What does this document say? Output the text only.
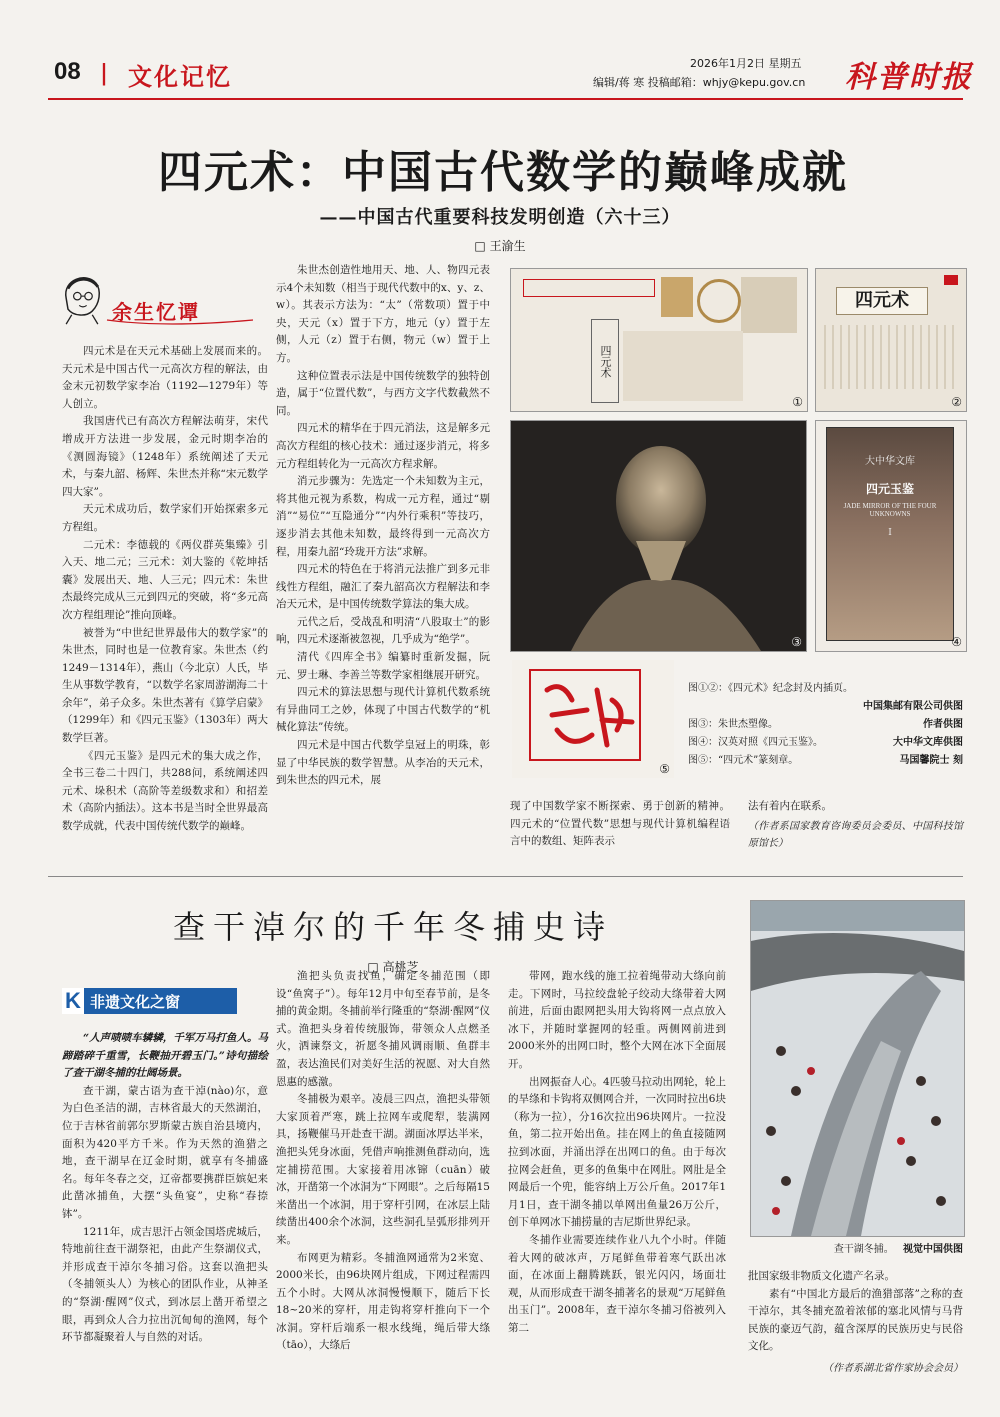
08 | 文化记忆	2026年1月2日 星期五
编辑/蒋 寒 投稿邮箱：whjy@kepu.gov.cn 科普时报
四元术：中国古代数学的巅峰成就
——中国古代重要科技发明创造（六十三）
□ 王渝生
余生忆谭

四元术是在天元术基础上发展而来的。天元术是中国古代一元高次方程的解法，由金末元初数学家李冶（1192—1279年）等人创立。

我国唐代已有高次方程解法萌芽，宋代增成开方法进一步发展，金元时期李冶的《测圆海镜》（1248年）系统阐述了天元术，与秦九韶、杨辉、朱世杰并称“宋元数学四大家”。

天元术成功后，数学家们开始探索多元方程组。

二元术：李德载的《两仪群英集臻》引入天、地二元；三元术：刘大鉴的《乾坤括囊》发展出天、地、人三元；四元术：朱世杰最终完成从三元到四元的突破，将“多元高次方程组理论”推向顶峰。

被誉为“中世纪世界最伟大的数学家”的朱世杰，同时也是一位教育家。朱世杰（约1249－1314年），燕山（今北京）人氏，毕生从事数学教育，“以数学名家周游湖海二十余年”，弟子众多。朱世杰著有《算学启蒙》（1299年）和《四元玉鉴》（1303年）两大数学巨著。

《四元玉鉴》是四元术的集大成之作，全书三卷二十四门，共288问，系统阐述四元术、垛积术（高阶等差级数求和）和招差术（高阶内插法）。这本书是当时全世界最高数学成就，代表中国传统代数学的巅峰。

朱世杰创造性地用天、地、人、物四元表示4个未知数（相当于现代代数中的x、y、z、w）。其表示方法为：“太”（常数项）置于中央，天元（x）置于下方，地元（y）置于左侧，人元（z）置于右侧，物元（w）置于上方。

这种位置表示法是中国传统数学的独特创造，属于“位置代数”，与西方文字代数截然不同。

四元术的精华在于四元消法，这是解多元高次方程组的核心技术：通过逐步消元，将多元方程组转化为一元高次方程求解。

消元步骤为：先选定一个未知数为主元，将其他元视为系数，构成一元方程，通过“剔消”“易位”“互隐通分”“内外行乘积”等技巧，逐步消去其他未知数，最终得到一元高次方程，用秦九韶“玲珑开方法”求解。

四元术的特色在于将消元法推广到多元非线性方程组，融汇了秦九韶高次方程解法和李冶天元术，是中国传统数学算法的集大成。

元代之后，受战乱和明清“八股取士”的影响，四元术逐渐被忽视，几乎成为“绝学”。

清代《四库全书》编纂时重新发掘，阮元、罗士琳、李善兰等数学家相继展开研究。

四元术的算法思想与现代计算机代数系统有异曲同工之妙，体现了中国古代数学的“机械化算法”传统。

四元术是中国古代数学皇冠上的明珠，彰显了中华民族的数学智慧。从李冶的天元术，到朱世杰的四元术，展

四元术
①
四元术
②
③
大中华文库
四元玉鉴
JADE MIRROR OF THE FOUR UNKNOWNS
I
④
⑤
图①②：《四元术》纪念封及内插页。
中国集邮有限公司供图
图③：朱世杰塑像。	作者供图
图④：汉英对照《四元玉鉴》。	大中华文库供图
图⑤：“四元术”篆刻章。	马国馨院士 刻
现了中国数学家不断探索、勇于创新的精神。四元术的“位置代数”思想与现代计算机编程语言中的数组、矩阵表示
法有着内在联系。
（作者系国家教育咨询委员会委员、中国科技馆原馆长）
查干淖尔的千年冬捕史诗
□ 高桃芝
K 非遗文化之窗

“人声啧啧车辚辚，千军万马打鱼人。马蹄踏碎千重雪，长鞭抽开碧玉门。”诗句描绘了查干湖冬捕的壮阔场景。

查干湖，蒙古语为查干淖(nào)尔，意为白色圣洁的湖，吉林省最大的天然湖泊，位于吉林省前郭尔罗斯蒙古族自治县境内，面积为420平方千米。作为天然的渔猎之地，查干湖早在辽金时期，就享有冬捕盛名。每年冬春之交，辽帝都要携群臣嫔妃来此凿冰捕鱼，大摆“头鱼宴”，史称“春捺钵”。

1211年，成吉思汗占领金国塔虎城后，特地前往查干湖祭祀，由此产生祭湖仪式，并形成查干淖尔冬捕习俗。这套以渔把头（冬捕领头人）为核心的团队作业，从神圣的“祭湖·醒网”仪式，到冰层上凿开希望之眼，再到众人合力拉出沉甸甸的渔网，每个环节都凝聚着人与自然的对话。

渔把头负责找鱼，确定冬捕范围（即设“鱼窝子”）。每年12月中旬至春节前，是冬捕的黄金期。冬捕前举行隆重的“祭湖·醒网”仪式。渔把头身着传统服饰，带领众人点燃圣火，洒谏祭文，祈愿冬捕风调雨顺、鱼群丰盈，表达渔民们对美好生活的祝愿、对大自然恩惠的感激。

冬捕极为艰辛。凌晨三四点，渔把头带领大家顶着严寒，跳上拉网车或爬犁，装满网具，扬鞭催马开赴查干湖。湖面冰厚达半米，渔把头凭身冰面，凭借声响推测鱼群动向，选定捕捞范围。大家接着用冰镩（cuān）破冰，开凿第一个冰洞为“下网眼”。之后每隔15米凿出一个冰洞，用于穿杆引网，在冰层上陆续凿出400余个冰洞，这些洞孔呈弧形排列开来。

布网更为精彩。冬捕渔网通常为2米宽、2000米长，由96块网片组成，下网过程需四五个小时。大网从冰洞慢慢顺下，随后下长18~20米的穿杆，用走钩将穿杆推向下一个冰洞。穿杆后端系一根水线绳，绳后带大绦（tāo），大绦后

带网，跑水线的施工拉着绳带动大绦向前走。下网时，马拉绞盘轮子绞动大绦带着大网前进，后面由跟网把头用大钩将网一点点放入冰下，并随时掌握网的轻重。两侧网前进到2000米外的出网口时，整个大网在冰下全面展开。

出网振奋人心。4匹骏马拉动出网轮，轮上的旱绦和卡钩将双侧网合并，一次同时拉出6块（称为一拉），分16次拉出96块网片。一拉没鱼，第二拉开始出鱼。挂在网上的鱼直接随网拉到冰面，并涌出浮在出网口的鱼。由于每次拉网会赶鱼，更多的鱼集中在网肚。网肚是全网最后一个兜，能容纳上万公斤鱼。2017年1月1日，查干湖冬捕以单网出鱼量26万公斤，创下单网冰下捕捞量的吉尼斯世界纪录。

冬捕作业需要连续作业八九个小时。伴随着大网的破冰声，万尾鲜鱼带着寒气跃出冰面，在冰面上翻腾跳跃，银光闪闪，场面壮观，从而形成查干湖冬捕著名的景观“万尾鲜鱼出玉门”。2008年，查干淖尔冬捕习俗被列入第二

查干湖冬捕。 视觉中国供图
批国家级非物质文化遗产名录。

素有“中国北方最后的渔猎部落”之称的查干淖尔，其冬捕充盈着浓郁的塞北风情与马背民族的豪迈气韵，蕴含深厚的民族历史与民俗文化。

（作者系湖北省作家协会会员）
